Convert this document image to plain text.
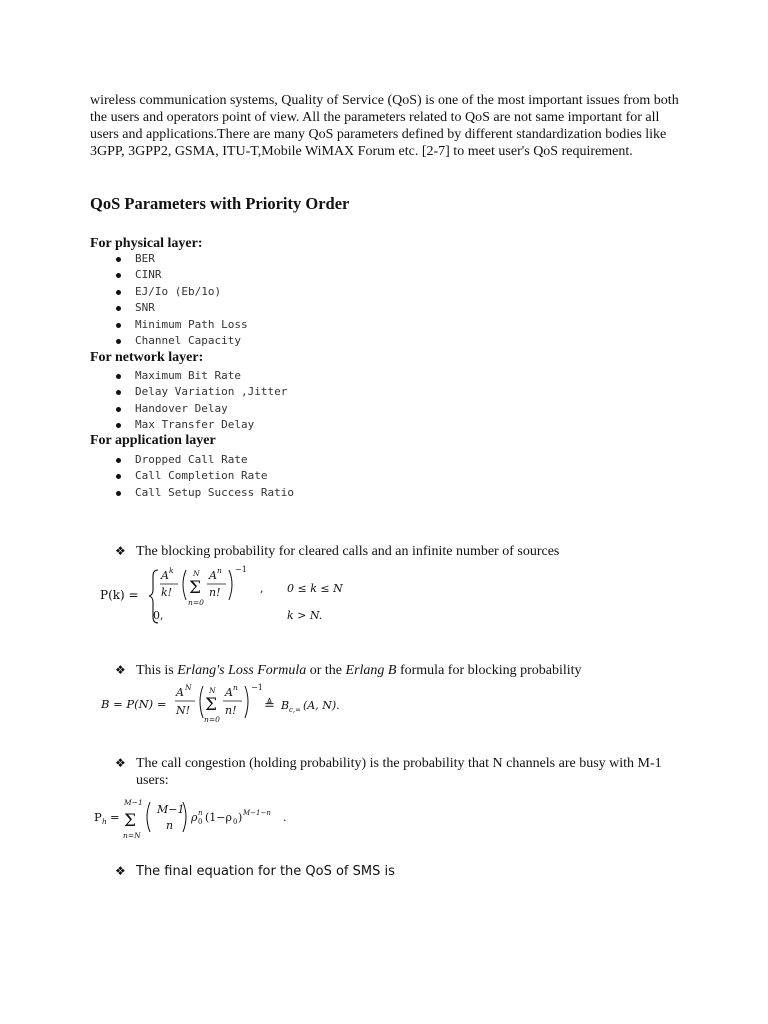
wireless communication systems, Quality of Service (QoS) is one of the most important issues from both the users and operators point of view. All the parameters related to QoS are not same important for all users and applications.There are many QoS parameters defined by different standardization bodies like 3GPP, 3GPP2, GSMA, ITU-T,Mobile WiMAX Forum etc. [2-7] to meet user's QoS requirement.

QoS Parameters with Priority Order
For physical layer:
BER
CINR
EJ/Io (Eb/1o)
SNR
Minimum Path Loss
Channel Capacity
For network layer:
Maximum Bit Rate
Delay Variation ,Jitter
Handover Delay
Max Transfer Delay
For application layer
Dropped Call Rate
Call Completion Rate
Call Setup Success Ratio
❖ The blocking probability for cleared calls and an infinite number of sources
P(k) =
A k
k!
N
Σ
n=0
A n
n!
−1
, 0 ≤ k ≤ N
0,	k > N.
❖ This is Erlang's Loss Formula or the Erlang B formula for blocking probability
B = P(N) =
A N
N!
N
Σ
n=0
A n
n!
−1
≜ B c,∞ (A, N).
❖ The call congestion (holding probability) is the probability that N channels are busy with M-1 users:
P h =
M−1
Σ
n=N
M−1
n
ρ 0
n (1−ρ 0 ) M−1−n .
❖ The final equation for the QoS of SMS is
